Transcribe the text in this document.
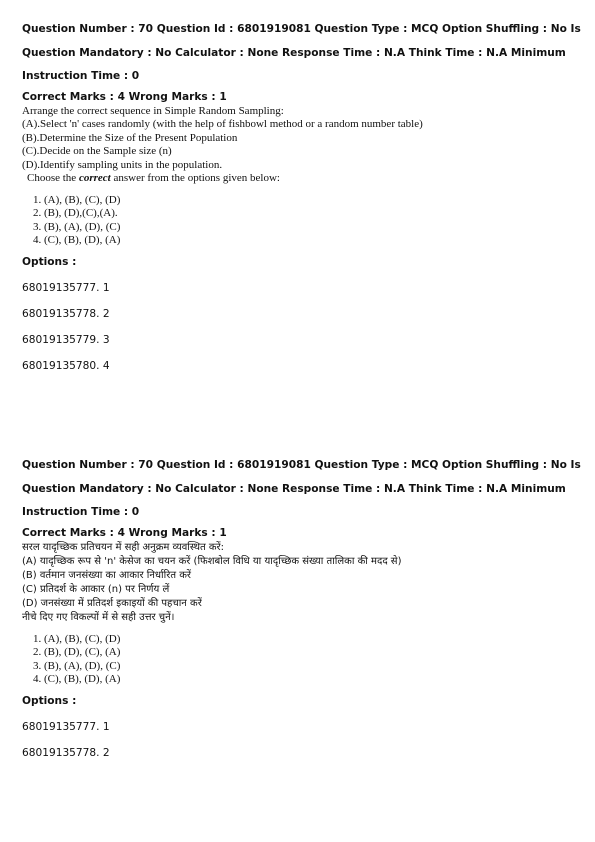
Question Number : 70 Question Id : 6801919081 Question Type : MCQ Option Shuffling : No Is
Question Mandatory : No Calculator : None Response Time : N.A Think Time : N.A Minimum
Instruction Time : 0
Correct Marks : 4 Wrong Marks : 1
Arrange the correct sequence in Simple Random Sampling:
(A).Select 'n' cases randomly (with the help of fishbowl method or a random number table)
(B).Determine the Size of the Present Population
(C).Decide on the Sample size (n)
(D).Identify sampling units in the population.
Choose the correct answer from the options given below:
1. (A), (B), (C), (D)
2. (B), (D),(C),(A).
3. (B), (A), (D), (C)
4. (C), (B), (D), (A)
Options :
68019135777. 1
68019135778. 2
68019135779. 3
68019135780. 4
Question Number : 70 Question Id : 6801919081 Question Type : MCQ Option Shuffling : No Is
Question Mandatory : No Calculator : None Response Time : N.A Think Time : N.A Minimum
Instruction Time : 0
Correct Marks : 4 Wrong Marks : 1
सरल यादृच्छिक प्रतिचयन में सही अनुक्रम व्यवस्थित करें:
(A) यादृच्छिक रूप से 'n' केसेज का चयन करें (फिशबोल विधि या यादृच्छिक संख्या तालिका की मदद से)
(B) वर्तमान जनसंख्या का आकार निर्धारित करें
(C) प्रतिदर्श के आकार (n) पर निर्णय लें
(D) जनसंख्या में प्रतिदर्श इकाइयों की पहचान करें
नीचे दिए गए विकल्पों में से सही उत्तर चुनें।
1. (A), (B), (C), (D)
2. (B), (D), (C), (A)
3. (B), (A), (D), (C)
4. (C), (B), (D), (A)
Options :
68019135777. 1
68019135778. 2
